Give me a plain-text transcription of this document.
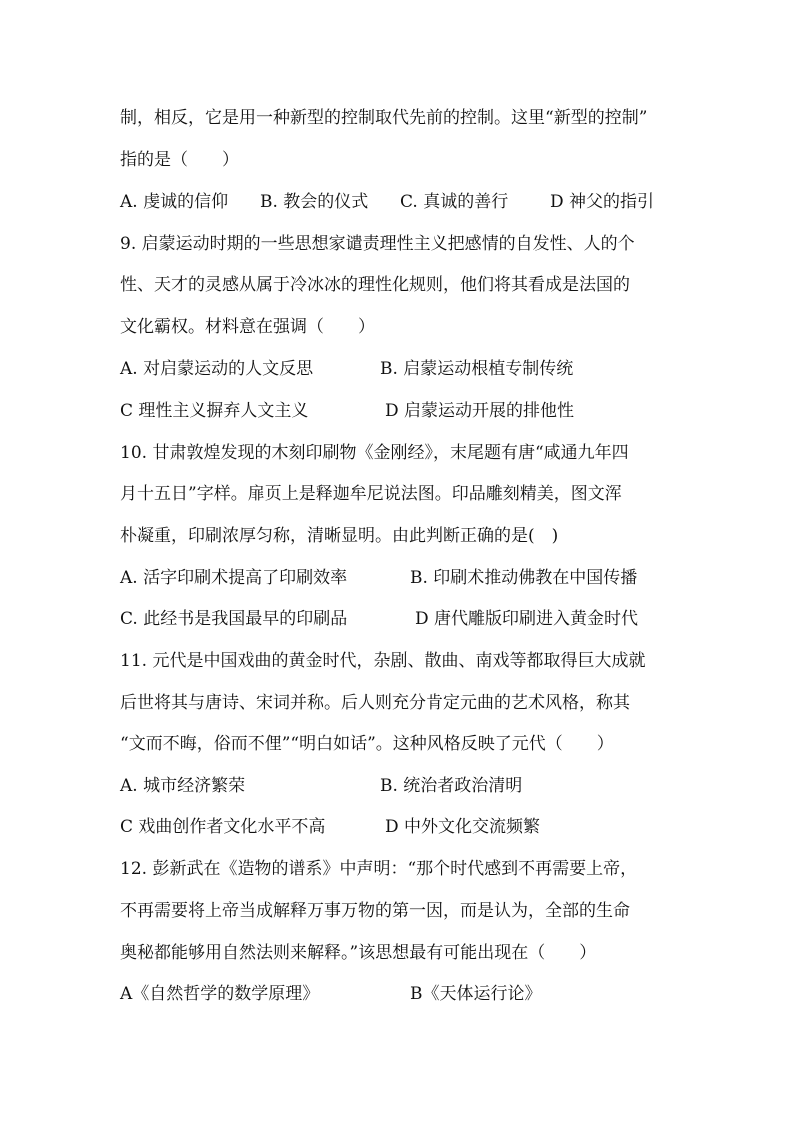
制，相反，它是用一种新型的控制取代先前的控制。这里“新型的控制”
指的是（　　）
A. 虔诚的信仰 B. 教会的仪式 C. 真诚的善行 D 神父的指引
9. 启蒙运动时期的一些思想家谴责理性主义把感情的自发性、人的个
性、天才的灵感从属于冷冰冰的理性化规则，他们将其看成是法国的
文化霸权。材料意在强调（　　）
A. 对启蒙运动的人文反思	B. 启蒙运动根植专制传统
C 理性主义摒弃人文主义	D 启蒙运动开展的排他性
10. 甘肃敦煌发现的木刻印刷物《金刚经》，末尾题有唐“咸通九年四
月十五日”字样。扉页上是释迦牟尼说法图。印品雕刻精美，图文浑
朴凝重，印刷浓厚匀称，清晰显明。由此判断正确的是(　)
A. 活字印刷术提高了印刷效率	B. 印刷术推动佛教在中国传播
C. 此经书是我国最早的印刷品	D 唐代雕版印刷进入黄金时代
11. 元代是中国戏曲的黄金时代，杂剧、散曲、南戏等都取得巨大成就
后世将其与唐诗、宋词并称。后人则充分肯定元曲的艺术风格，称其
“文而不晦，俗而不俚”“明白如话”。这种风格反映了元代（　　）
A. 城市经济繁荣	B. 统治者政治清明
C 戏曲创作者文化水平不高	D 中外文化交流频繁
12. 彭新武在《造物的谱系》中声明：“那个时代感到不再需要上帝，
不再需要将上帝当成解释万事万物的第一因，而是认为，全部的生命
奥秘都能够用自然法则来解释。”该思想最有可能出现在（　　）
A《自然哲学的数学原理》	B《天体运行论》
